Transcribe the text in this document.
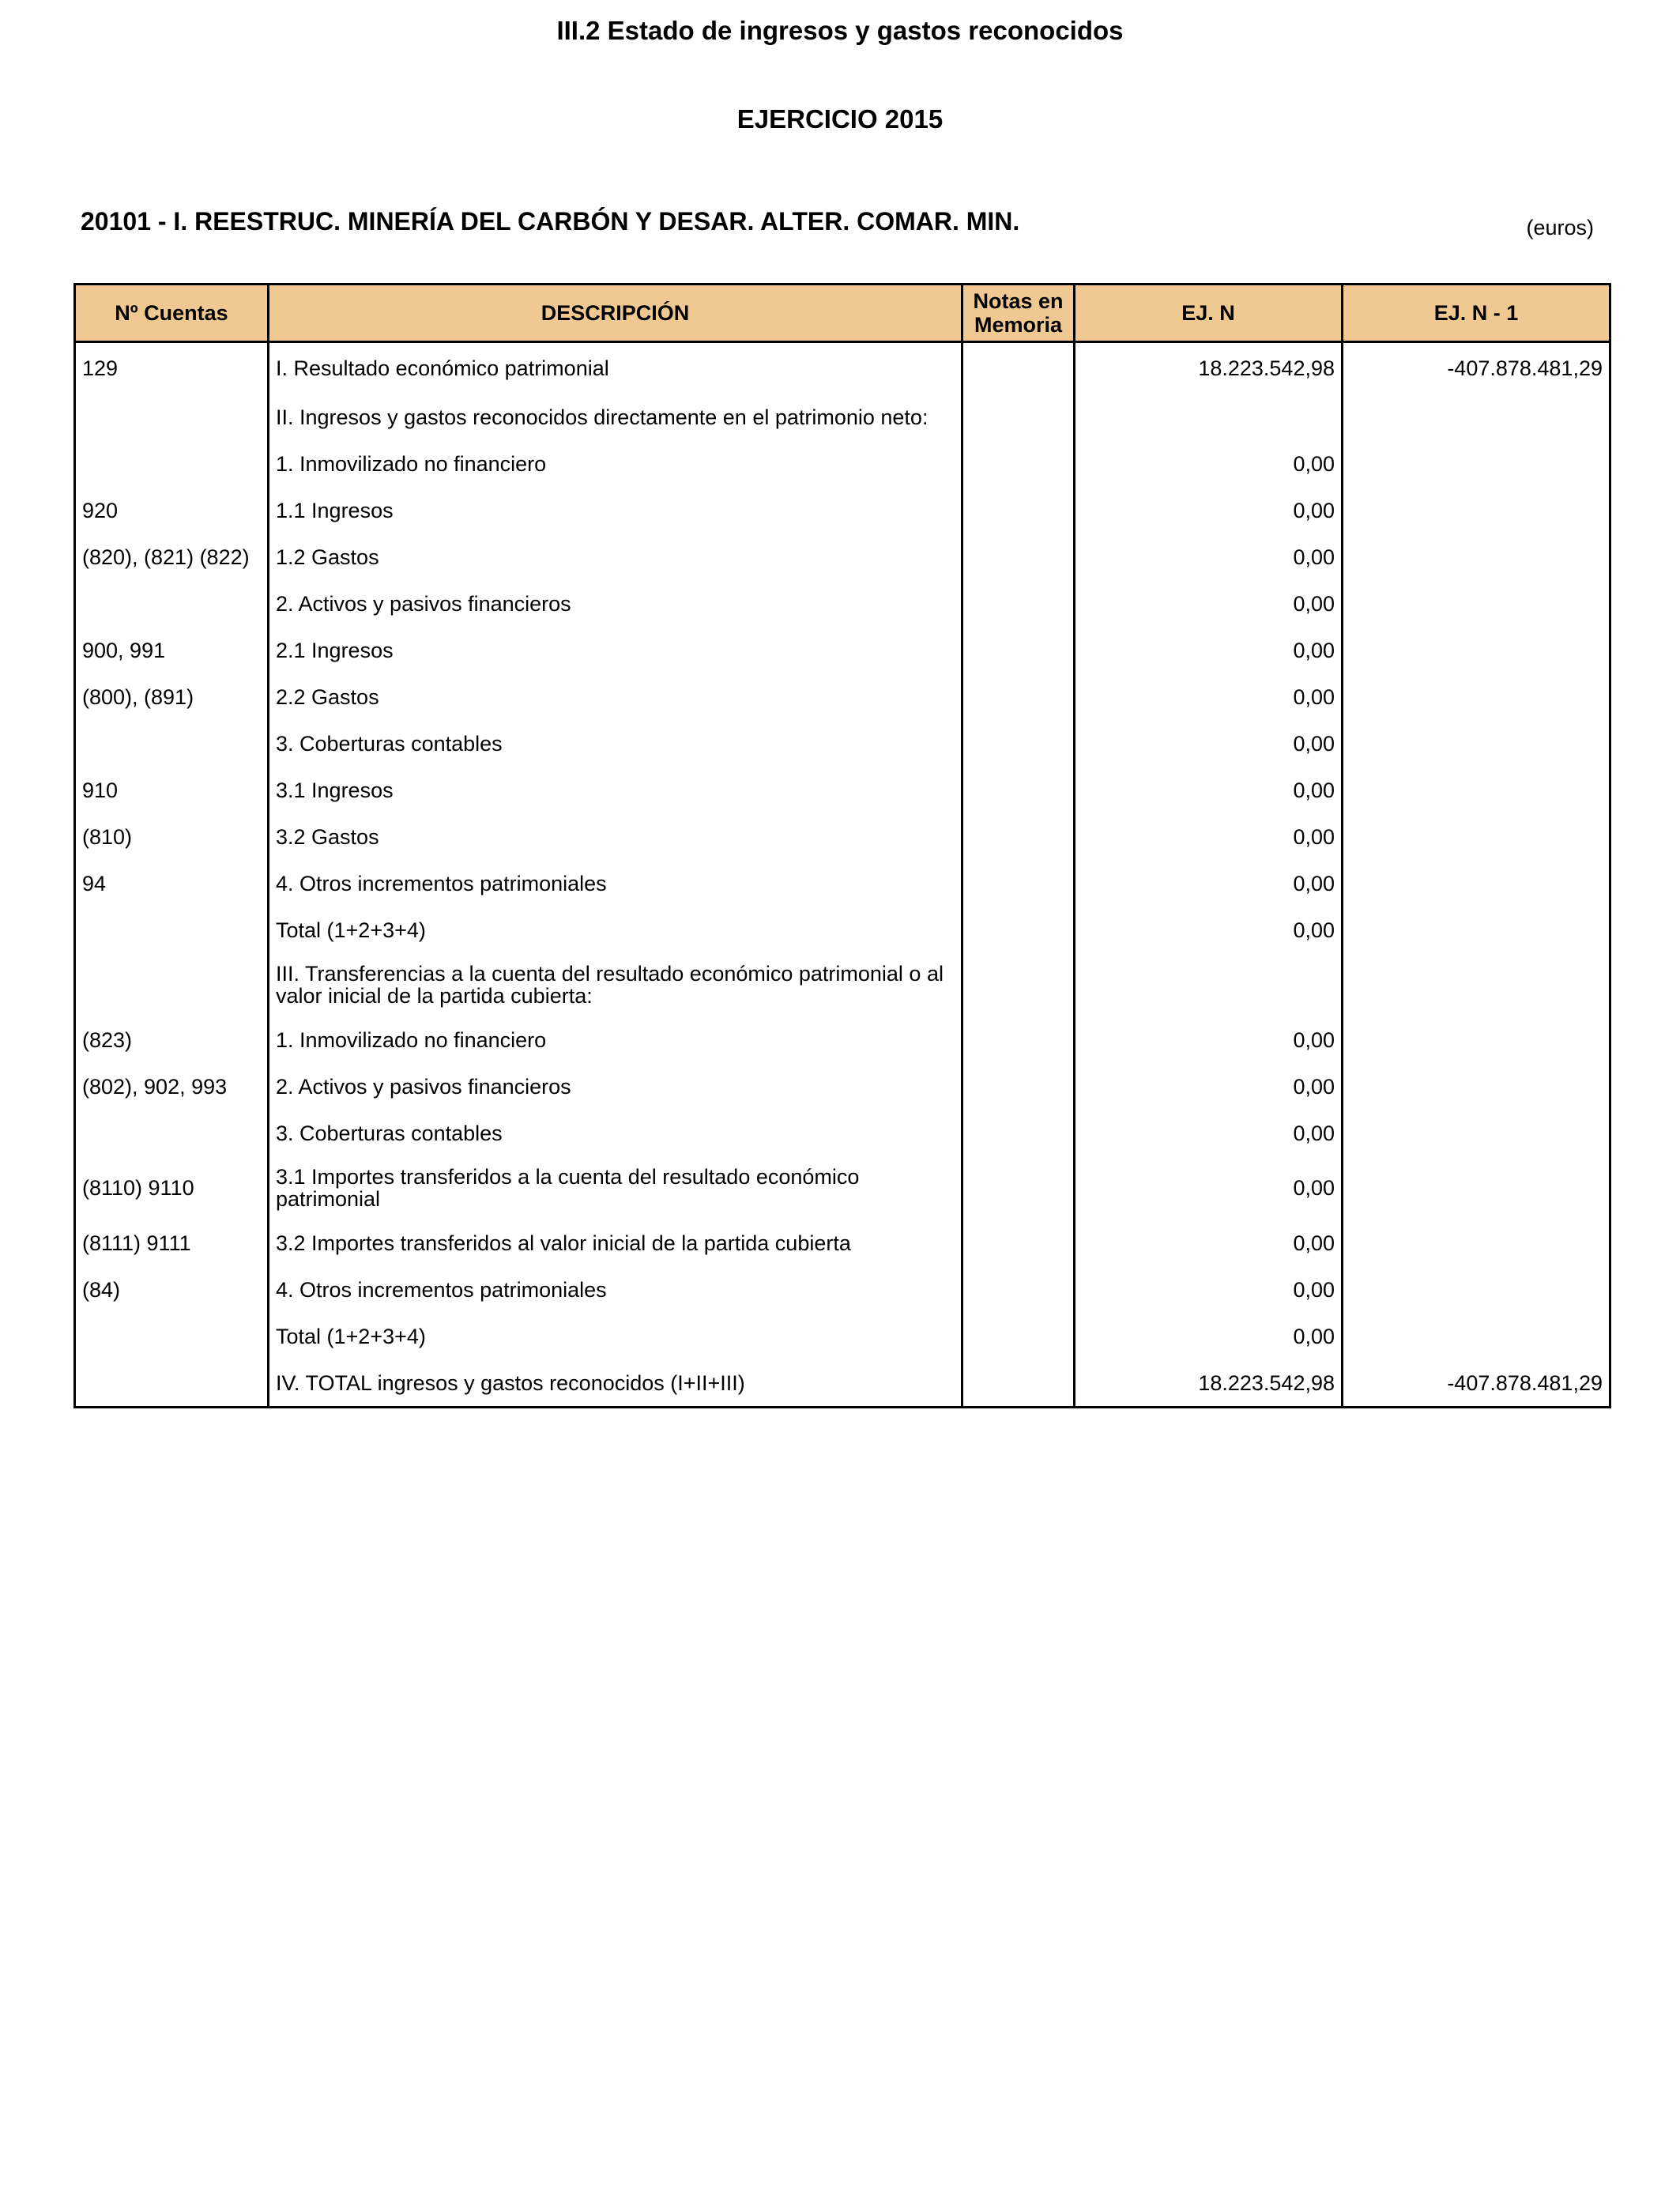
III.2 Estado de ingresos y gastos reconocidos
EJERCICIO 2015
20101 - I. REESTRUC. MINERÍA DEL CARBÓN Y DESAR. ALTER. COMAR. MIN.	(euros)
Nº Cuentas	DESCRIPCIÓN	Notas en Memoria	EJ. N	EJ. N - 1
129	I. Resultado económico patrimonial		18.223.542,98	-407.878.481,29
	II. Ingresos y gastos reconocidos directamente en el patrimonio neto:			
	1. Inmovilizado no financiero		0,00	
920	1.1 Ingresos		0,00	
(820), (821) (822)	1.2 Gastos		0,00	
	2. Activos y pasivos financieros		0,00	
900, 991	2.1 Ingresos		0,00	
(800), (891)	2.2 Gastos		0,00	
	3. Coberturas contables		0,00	
910	3.1 Ingresos		0,00	
(810)	3.2 Gastos		0,00	
94	4. Otros incrementos patrimoniales		0,00	
	Total (1+2+3+4)		0,00	
	III. Transferencias a la cuenta del resultado económico patrimonial o al valor inicial de la partida cubierta:			
(823)	1. Inmovilizado no financiero		0,00	
(802), 902, 993	2. Activos y pasivos financieros		0,00	
	3. Coberturas contables		0,00	
(8110) 9110	3.1 Importes transferidos a la cuenta del resultado económico patrimonial		0,00	
(8111) 9111	3.2 Importes transferidos al valor inicial de la partida cubierta		0,00	
(84)	4. Otros incrementos patrimoniales		0,00	
	Total (1+2+3+4)		0,00	
	IV. TOTAL ingresos y gastos reconocidos (I+II+III)		18.223.542,98	-407.878.481,29
